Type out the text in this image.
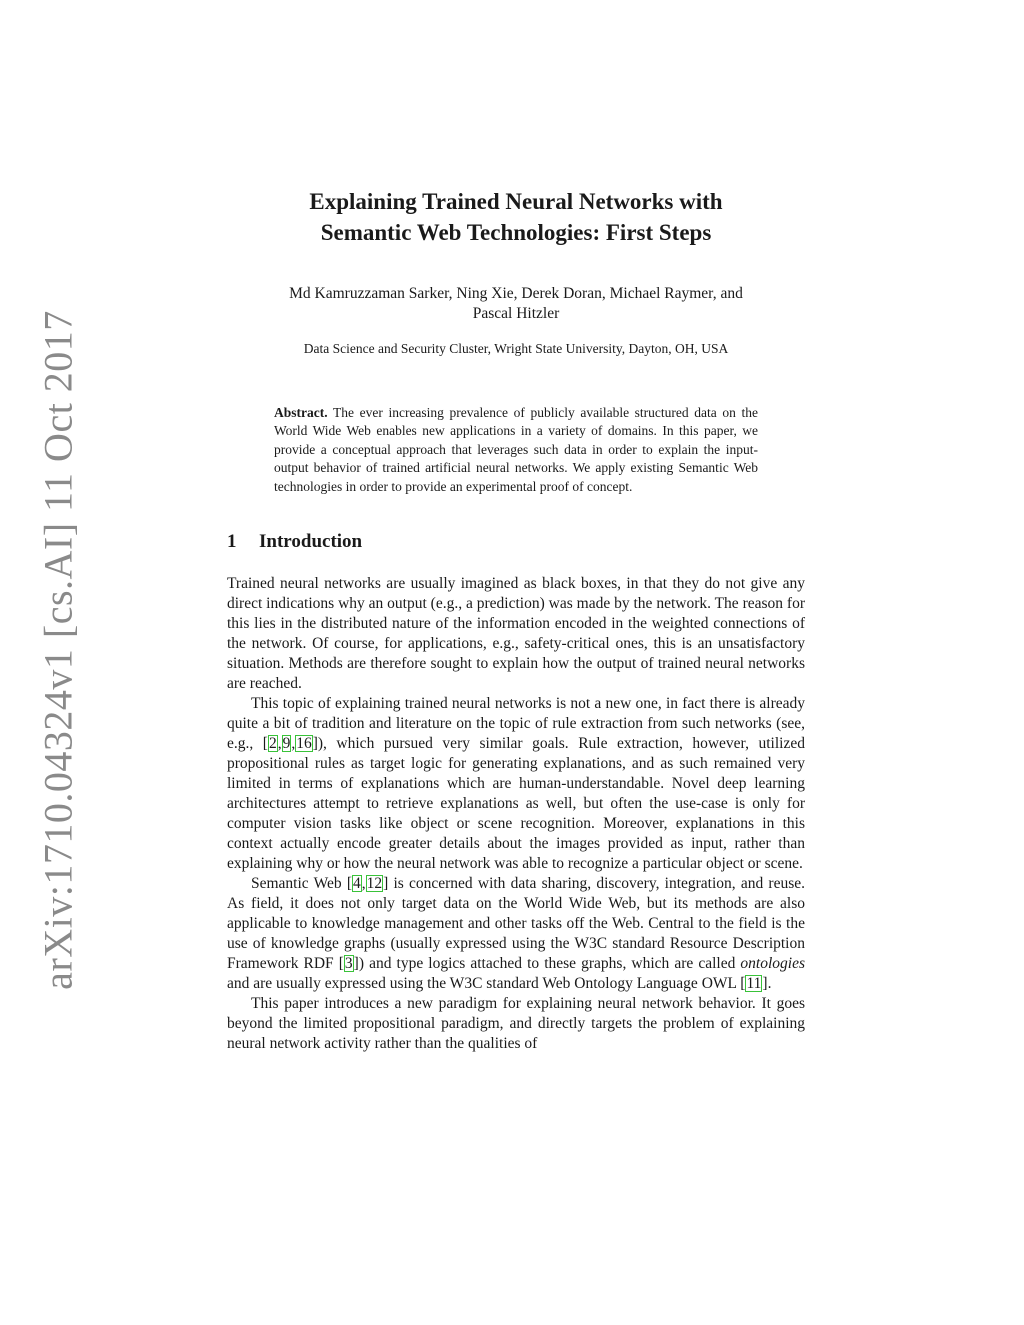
arXiv:1710.04324v1 [cs.AI] 11 Oct 2017
Explaining Trained Neural Networks with
Semantic Web Technologies: First Steps
Md Kamruzzaman Sarker, Ning Xie, Derek Doran, Michael Raymer, and
Pascal Hitzler
Data Science and Security Cluster, Wright State University, Dayton, OH, USA
Abstract. The ever increasing prevalence of publicly available structured data on the World Wide Web enables new applications in a variety of domains. In this paper, we provide a conceptual approach that leverages such data in order to explain the input-output behavior of trained artificial neural networks. We apply existing Semantic Web technologies in order to provide an experimental proof of concept.
1 Introduction

Trained neural networks are usually imagined as black boxes, in that they do not give any direct indications why an output (e.g., a prediction) was made by the network. The reason for this lies in the distributed nature of the information encoded in the weighted connections of the network. Of course, for applications, e.g., safety-critical ones, this is an unsatisfactory situation. Methods are therefore sought to explain how the output of trained neural networks are reached.

This topic of explaining trained neural networks is not a new one, in fact there is already quite a bit of tradition and literature on the topic of rule extraction from such networks (see, e.g., [2,9,16]), which pursued very similar goals. Rule extraction, however, utilized propositional rules as target logic for generating explanations, and as such remained very limited in terms of explanations which are human-understandable. Novel deep learning architectures attempt to retrieve explanations as well, but often the use-case is only for computer vision tasks like object or scene recognition. Moreover, explanations in this context actually encode greater details about the images provided as input, rather than explaining why or how the neural network was able to recognize a particular object or scene.

Semantic Web [4,12] is concerned with data sharing, discovery, integration, and reuse. As field, it does not only target data on the World Wide Web, but its methods are also applicable to knowledge management and other tasks off the Web. Central to the field is the use of knowledge graphs (usually expressed using the W3C standard Resource Description Framework RDF [3]) and type logics attached to these graphs, which are called ontologies and are usually expressed using the W3C standard Web Ontology Language OWL [11].

This paper introduces a new paradigm for explaining neural network behavior. It goes beyond the limited propositional paradigm, and directly targets the problem of explaining neural network activity rather than the qualities of
